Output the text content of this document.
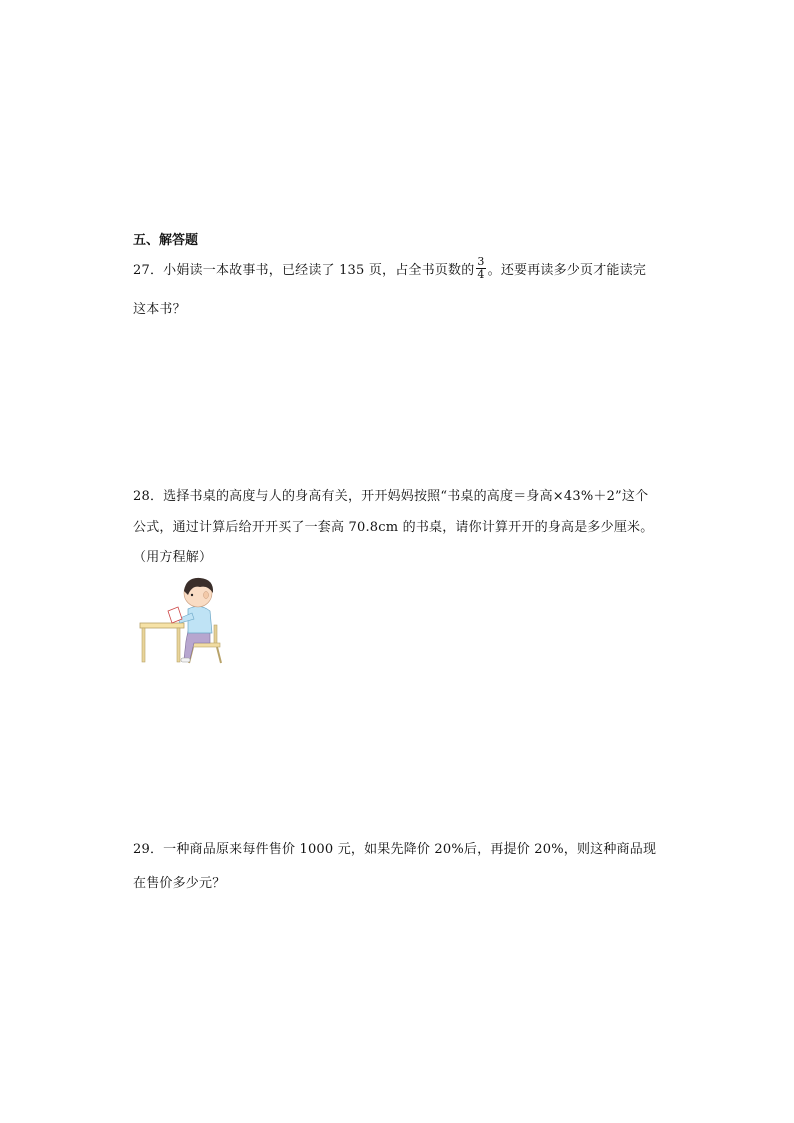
五、解答题
27．小娟读一本故事书，已经读了 135 页，占全书页数的 $\frac{3}{4}$ 。还要再读多少页才能读完
这本书？
28．选择书桌的高度与人的身高有关，开开妈妈按照“书桌的高度＝身高×43%＋2”这个
公式，通过计算后给开开买了一套高 70.8cm 的书桌，请你计算开开的身高是多少厘米。
（用方程解）
29．一种商品原来每件售价 1000 元，如果先降价 20%后，再提价 20%，则这种商品现
在售价多少元？
